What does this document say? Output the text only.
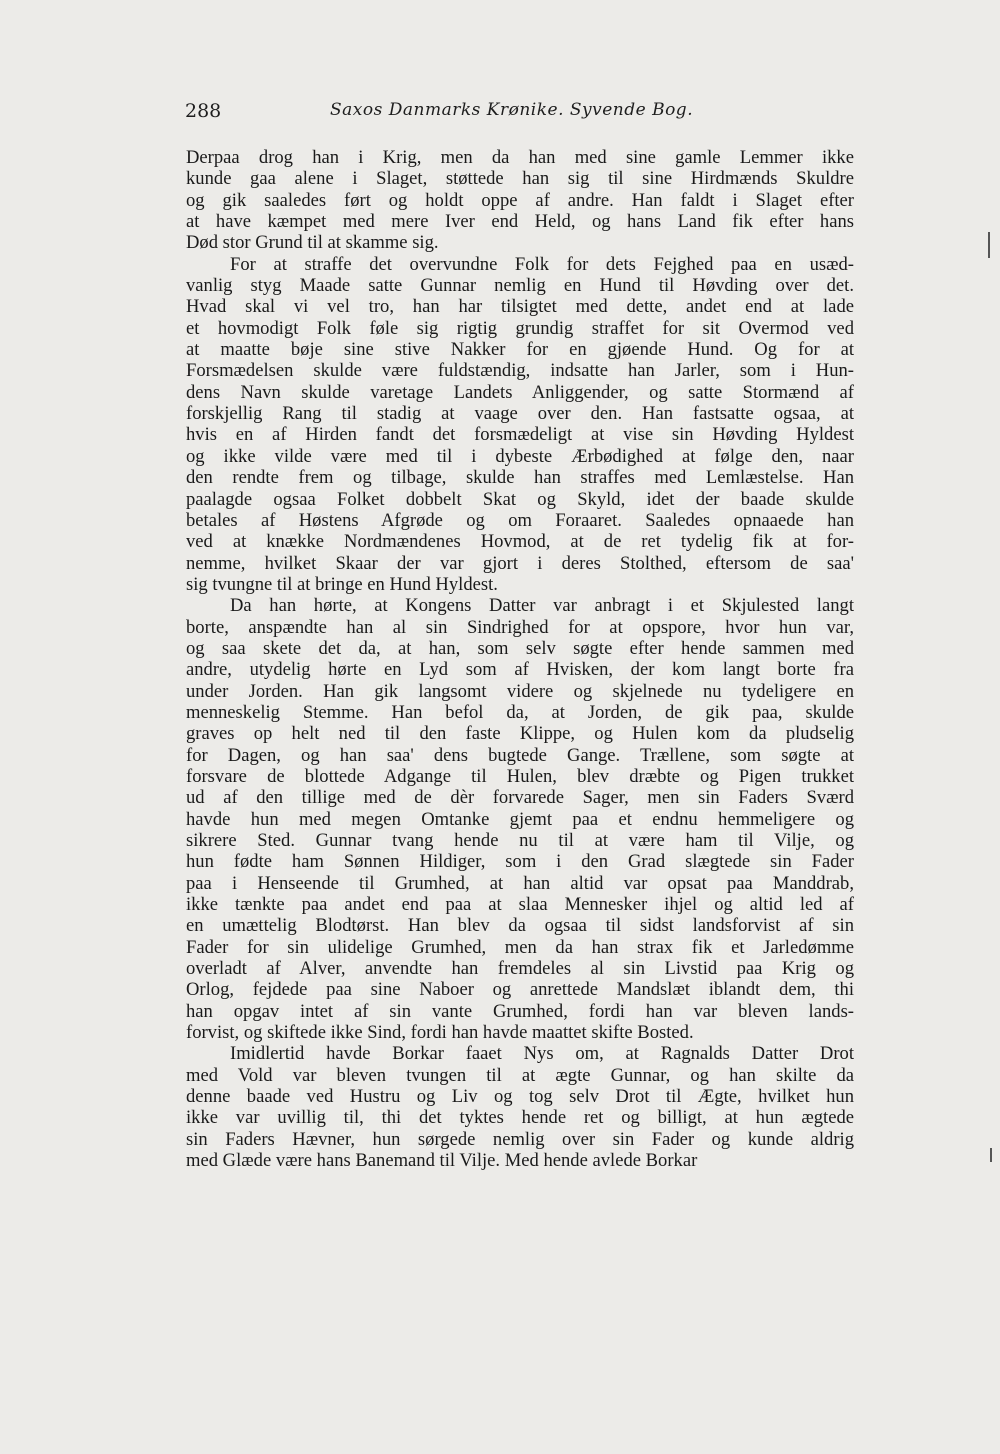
288	Saxos Danmarks Krønike. Syvende Bog.
Derpaa drog han i Krig, men da han med sine gamle Lemmer ikke
kunde gaa alene i Slaget, støttede han sig til sine Hirdmænds Skuldre
og gik saaledes ført og holdt oppe af andre. Han faldt i Slaget efter
at have kæmpet med mere Iver end Held, og hans Land fik efter hans
Død stor Grund til at skamme sig.
For at straffe det overvundne Folk for dets Fejghed paa en usæd-
vanlig styg Maade satte Gunnar nemlig en Hund til Høvding over det.
Hvad skal vi vel tro, han har tilsigtet med dette, andet end at lade
et hovmodigt Folk føle sig rigtig grundig straffet for sit Overmod ved
at maatte bøje sine stive Nakker for en gjøende Hund. Og for at
Forsmædelsen skulde være fuldstændig, indsatte han Jarler, som i Hun-
dens Navn skulde varetage Landets Anliggender, og satte Stormænd af
forskjellig Rang til stadig at vaage over den. Han fastsatte ogsaa, at
hvis en af Hirden fandt det forsmædeligt at vise sin Høvding Hyldest
og ikke vilde være med til i dybeste Ærbødighed at følge den, naar
den rendte frem og tilbage, skulde han straffes med Lemlæstelse. Han
paalagde ogsaa Folket dobbelt Skat og Skyld, idet der baade skulde
betales af Høstens Afgrøde og om Foraaret. Saaledes opnaaede han
ved at knække Nordmændenes Hovmod, at de ret tydelig fik at for-
nemme, hvilket Skaar der var gjort i deres Stolthed, eftersom de saa'
sig tvungne til at bringe en Hund Hyldest.
Da han hørte, at Kongens Datter var anbragt i et Skjulested langt
borte, anspændte han al sin Sindrighed for at opspore, hvor hun var,
og saa skete det da, at han, som selv søgte efter hende sammen med
andre, utydelig hørte en Lyd som af Hvisken, der kom langt borte fra
under Jorden. Han gik langsomt videre og skjelnede nu tydeligere en
menneskelig Stemme. Han befol da, at Jorden, de gik paa, skulde
graves op helt ned til den faste Klippe, og Hulen kom da pludselig
for Dagen, og han saa' dens bugtede Gange. Trællene, som søgte at
forsvare de blottede Adgange til Hulen, blev dræbte og Pigen trukket
ud af den tillige med de dèr forvarede Sager, men sin Faders Sværd
havde hun med megen Omtanke gjemt paa et endnu hemmeligere og
sikrere Sted. Gunnar tvang hende nu til at være ham til Vilje, og
hun fødte ham Sønnen Hildiger, som i den Grad slægtede sin Fader
paa i Henseende til Grumhed, at han altid var opsat paa Manddrab,
ikke tænkte paa andet end paa at slaa Mennesker ihjel og altid led af
en umættelig Blodtørst. Han blev da ogsaa til sidst landsforvist af sin
Fader for sin ulidelige Grumhed, men da han strax fik et Jarledømme
overladt af Alver, anvendte han fremdeles al sin Livstid paa Krig og
Orlog, fejdede paa sine Naboer og anrettede Mandslæt iblandt dem, thi
han opgav intet af sin vante Grumhed, fordi han var bleven lands-
forvist, og skiftede ikke Sind, fordi han havde maattet skifte Bosted.
Imidlertid havde Borkar faaet Nys om, at Ragnalds Datter Drot
med Vold var bleven tvungen til at ægte Gunnar, og han skilte da
denne baade ved Hustru og Liv og tog selv Drot til Ægte, hvilket hun
ikke var uvillig til, thi det tyktes hende ret og billigt, at hun ægtede
sin Faders Hævner, hun sørgede nemlig over sin Fader og kunde aldrig
med Glæde være hans Banemand til Vilje. Med hende avlede Borkar
